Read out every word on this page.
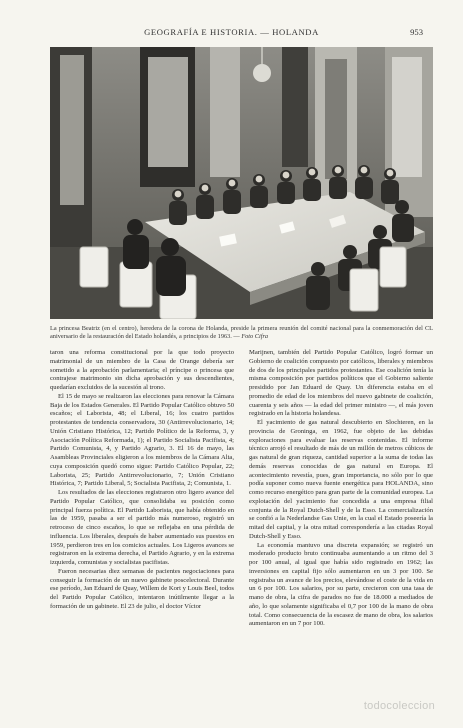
GEOGRAFÍA E HISTORIA. — HOLANDA	953
La princesa Beatriz (en el centro), heredera de la corona de Holanda, preside la primera reunión del comité nacional para la conmemoración del CL aniversario de la restauración del Estado holandés, a principios de 1963. — Foto Cifra

taron una reforma constitucional por la que todo proyecto matrimonial de un miembro de la Casa de Orange debería ser sometido a la aprobación parlamentaria; el príncipe o princesa que contrajese matrimonio sin dicha aprobación y sus descendientes, quedarían excluidos de la sucesión al trono.

El 15 de mayo se realizaron las elecciones para renovar la Cámara Baja de los Estados Generales. El Partido Popular Católico obtuvo 50 escaños; el Laborista, 48; el Liberal, 16; los cuatro partidos protestantes de tendencia conservadora, 30 (Antirrevolucionario, 14; Unión Cristiano Histórica, 12; Partido Político de la Reforma, 3, y Asociación Política Reformada, 1); el Partido Socialista Pacifista, 4; Partido Comunista, 4, y Partido Agrario, 3. El 16 de mayo, las Asambleas Provinciales eligieron a los miembros de la Cámara Alta, cuya composición quedó como sigue: Partido Católico Popular, 22; Laborista, 25; Partido Antirrevolucionario, 7; Unión Cristiano Histórica, 7; Partido Liberal, 5; Socialista Pacifista, 2; Comunista, 1.

Los resultados de las elecciones registraron otro ligero avance del Partido Popular Católico, que consolidaba su posición como principal fuerza política. El Partido Laborista, que había obtenido en las de 1959, pasaba a ser el partido más numeroso, registró un retroceso de cinco escaños, lo que se reflejaba en una pérdida de influencia. Los liberales, después de haber aumentado sus puestos en 1959, perdieron tres en los comicios actuales. Los Ligeros avances se registraron en la extrema derecha, el Partido Agrario, y en la extrema izquierda, comunistas y socialistas pacifistas.

Fueron necesarias diez semanas de pacientes negociaciones para conseguir la formación de un nuevo gabinete poscelectoral. Durante ese período, Jan Eduard de Quay, Willem de Kort y Louis Beel, todos del Partido Popular Católico, intentaron inútilmente llegar a la formación de un gabinete. El 23 de julio, el doctor Víctor

Marijnen, también del Partido Popular Católico, logró formar un Gobierno de coalición compuesto por católicos, liberales y miembros de dos de los principales partidos protestantes. Ese coalición tenía la misma composición por partidos políticos que el Gobierno saliente presidido por Jan Eduard de Quay. Un diferencia estaba en el promedio de edad de los miembros del nuevo gabinete de coalición, cuarenta y seis años — la edad del primer ministro —, el más joven registrado en la historia holandesa.

El yacimiento de gas natural descubierto en Slochteren, en la provincia de Groninga, en 1962, fue objeto de las debidas exploraciones para evaluar las reservas contenidas. El informe técnico arrojó el resultado de más de un millón de metros cúbicos de gas natural de gran riqueza, cantidad superior a la suma de todas las demás reservas conocidas de gas natural en Europa. El acontecimiento revestía, pues, gran importancia, no sólo por lo que podía suponer como nueva fuente energética para HOLANDA, sino como recurso energético para gran parte de la comunidad europea. La explotación del yacimiento fue concedida a una empresa filial conjunta de la Royal Dutch-Shell y de la Esso. La comercialización se confió a la Nederlandse Gas Unie, en la cual el Estado poseería la mitad del capital, y la otra mitad correspondería a las citadas Royal Dutch-Shell y Esso.

La economía mantuvo una discreta expansión; se registró un moderado producto bruto continuaba aumentando a un ritmo del 3 por 100 anual, al igual que había sido registrado en 1962; las inversiones en capital fijo sólo aumentaron en un 3 por 100. Se registraba un avance de los precios, elevándose el coste de la vida en un 6 por 100. Los salarios, por su parte, crecieron con una tasa de mano de obra, la cifra de parados no fue de 18.000 a mediados de año, lo que solamente significaba el 0,7 por 100 de la mano de obra total. Como consecuencia de la escasez de mano de obra, los salarios aumentaron en un 7 por 100.

todocoleccion
